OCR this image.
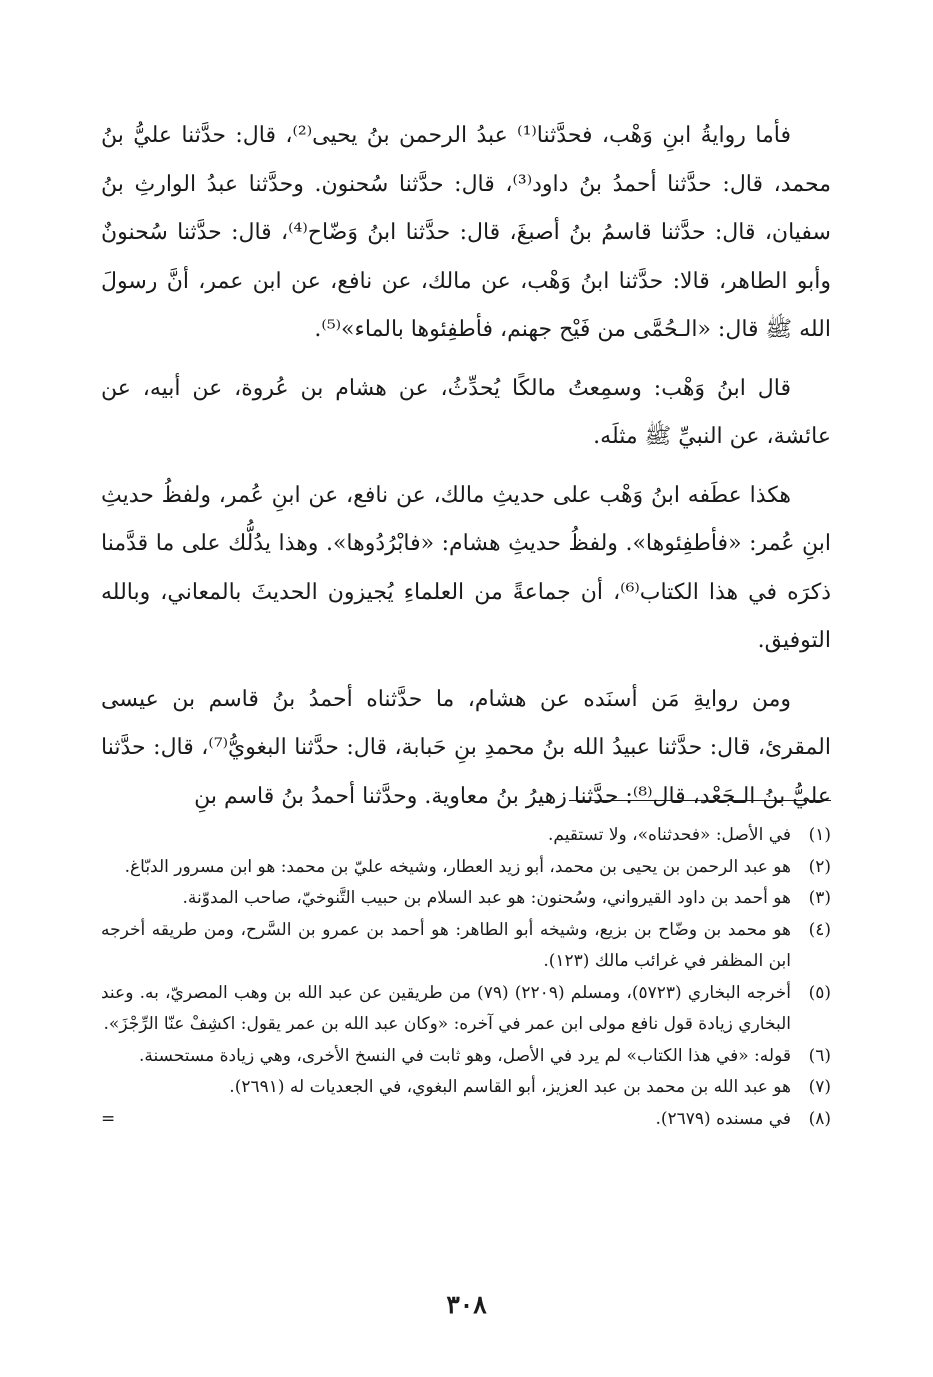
فأما روايةُ ابنِ وَهْب، فحدَّثنا⁽¹⁾ عبدُ الرحمن بنُ يحيى⁽²⁾، قال: حدَّثنا عليُّ بنُ محمد، قال: حدَّثنا أحمدُ بنُ داود⁽³⁾، قال: حدَّثنا سُحنون. وحدَّثنا عبدُ الوارثِ بنُ سفيان، قال: حدَّثنا قاسمُ بنُ أصبغَ، قال: حدَّثنا ابنُ وَضّاح⁽⁴⁾، قال: حدَّثنا سُحنونٌ وأبو الطاهر، قالا: حدَّثنا ابنُ وَهْب، عن مالك، عن نافع، عن ابن عمر، أنَّ رسولَ الله ﷺ قال: «الـحُمَّى من فَيْح جهنم، فأطفِئوها بالماء»⁽⁵⁾.

قال ابنُ وَهْب: وسمِعتُ مالكًا يُحدِّثُ، عن هشام بن عُروة، عن أبيه، عن عائشة، عن النبيِّ ﷺ مثلَه.

هكذا عطَفه ابنُ وَهْب على حديثِ مالك، عن نافع، عن ابنِ عُمر، ولفظُ حديثِ ابنِ عُمر: «فأطفِئوها». ولفظُ حديثِ هشام: «فابْرُدُوها». وهذا يدُلُّك على ما قدَّمنا ذكرَه في هذا الكتاب⁽⁶⁾، أن جماعةً من العلماءِ يُجيزون الحديثَ بالمعاني، وبالله التوفيق.

ومن روايةِ مَن أسنَده عن هشام، ما حدَّثناه أحمدُ بنُ قاسم بن عيسى المقرئ، قال: حدَّثنا عبيدُ الله بنُ محمدِ بنِ حَبابة، قال: حدَّثنا البغويُّ⁽⁷⁾، قال: حدَّثنا عليُّ بنُ الـجَعْد، قال⁽⁸⁾: حدَّثنا زهيرُ بنُ معاوية. وحدَّثنا أحمدُ بنُ قاسم بنِ

(١)
في الأصل: «فحدثناه»، ولا تستقيم.
(٢)
هو عبد الرحمن بن يحيى بن محمد، أبو زيد العطار، وشيخه عليّ بن محمد: هو ابن مسرور الدبّاغ.
(٣)
هو أحمد بن داود القيرواني، وسُحنون: هو عبد السلام بن حبيب التَّنوخيّ، صاحب المدوّنة.
(٤)
هو محمد بن وضّاح بن بزيع، وشيخه أبو الطاهر: هو أحمد بن عمرو بن السَّرح، ومن طريقه أخرجه ابن المظفر في غرائب مالك (١٢٣).
(٥)
أخرجه البخاري (٥٧٢٣)، ومسلم (٢٢٠٩) (٧٩) من طريقين عن عبد الله بن وهب المصريّ، به. وعند البخاري زيادة قول نافع مولى ابن عمر في آخره: «وكان عبد الله بن عمر يقول: اكشِفْ عنّا الرِّجْزَ».
(٦)
قوله: «في هذا الكتاب» لم يرد في الأصل، وهو ثابت في النسخ الأخرى، وهي زيادة مستحسنة.
(٧)
هو عبد الله بن محمد بن عبد العزيز، أبو القاسم البغوي، في الجعديات له (٢٦٩١).
(٨)
في مسنده (٢٦٧٩).
=
٣٠٨
